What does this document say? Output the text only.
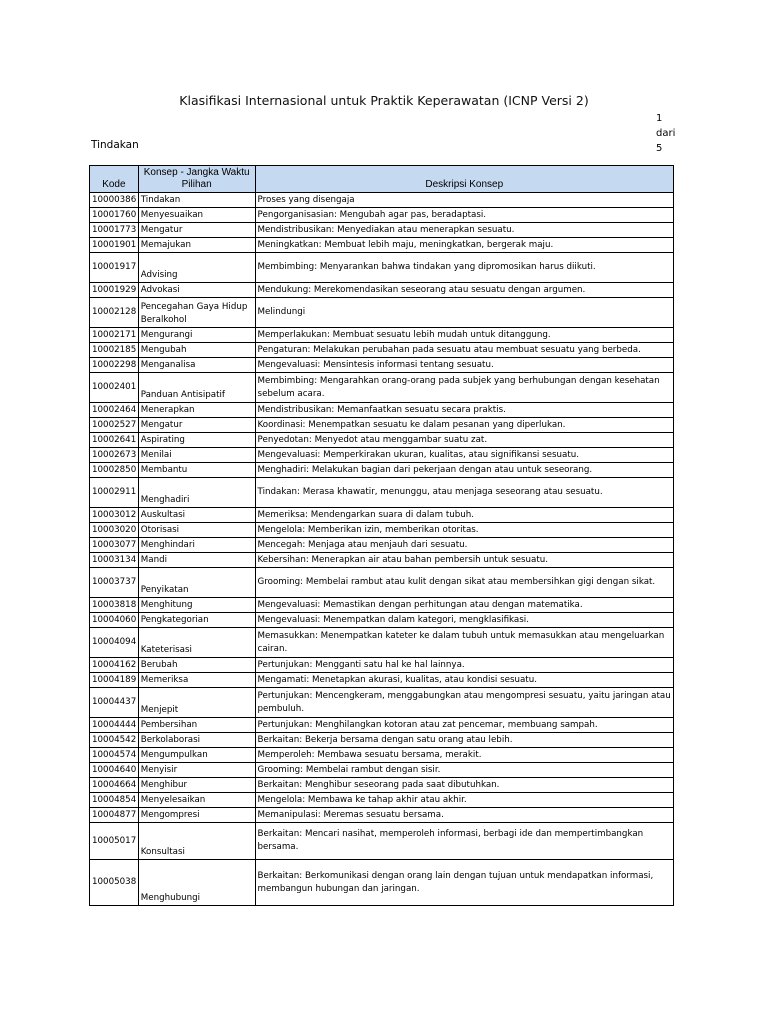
Klasifikasi Internasional untuk Praktik Keperawatan (ICNP Versi 2)
1
dari
5
Tindakan
Kode	Konsep - Jangka Waktu Pilihan	Deskripsi Konsep
10000386	Tindakan	Proses yang disengaja
10001760	Menyesuaikan	Pengorganisasian: Mengubah agar pas, beradaptasi.
10001773	Mengatur	Mendistribusikan: Menyediakan atau menerapkan sesuatu.
10001901	Memajukan	Meningkatkan: Membuat lebih maju, meningkatkan, bergerak maju.
10001917	Advising	Membimbing: Menyarankan bahwa tindakan yang dipromosikan harus diikuti.
10001929	Advokasi	Mendukung: Merekomendasikan seseorang atau sesuatu dengan argumen.
10002128	Pencegahan Gaya Hidup Beralkohol	Melindungi
10002171	Mengurangi	Memperlakukan: Membuat sesuatu lebih mudah untuk ditanggung.
10002185	Mengubah	Pengaturan: Melakukan perubahan pada sesuatu atau membuat sesuatu yang berbeda.
10002298	Menganalisa	Mengevaluasi: Mensintesis informasi tentang sesuatu.
10002401	Panduan Antisipatif	Membimbing: Mengarahkan orang-orang pada subjek yang berhubungan dengan kesehatan sebelum acara.
10002464	Menerapkan	Mendistribusikan: Memanfaatkan sesuatu secara praktis.
10002527	Mengatur	Koordinasi: Menempatkan sesuatu ke dalam pesanan yang diperlukan.
10002641	Aspirating	Penyedotan: Menyedot atau menggambar suatu zat.
10002673	Menilai	Mengevaluasi: Memperkirakan ukuran, kualitas, atau signifikansi sesuatu.
10002850	Membantu	Menghadiri: Melakukan bagian dari pekerjaan dengan atau untuk seseorang.
10002911	Menghadiri	Tindakan: Merasa khawatir, menunggu, atau menjaga seseorang atau sesuatu.
10003012	Auskultasi	Memeriksa: Mendengarkan suara di dalam tubuh.
10003020	Otorisasi	Mengelola: Memberikan izin, memberikan otoritas.
10003077	Menghindari	Mencegah: Menjaga atau menjauh dari sesuatu.
10003134	Mandi	Kebersihan: Menerapkan air atau bahan pembersih untuk sesuatu.
10003737	Penyikatan	Grooming: Membelai rambut atau kulit dengan sikat atau membersihkan gigi dengan sikat.
10003818	Menghitung	Mengevaluasi: Memastikan dengan perhitungan atau dengan matematika.
10004060	Pengkategorian	Mengevaluasi: Menempatkan dalam kategori, mengklasifikasi.
10004094	Kateterisasi	Memasukkan: Menempatkan kateter ke dalam tubuh untuk memasukkan atau mengeluarkan cairan.
10004162	Berubah	Pertunjukan: Mengganti satu hal ke hal lainnya.
10004189	Memeriksa	Mengamati: Menetapkan akurasi, kualitas, atau kondisi sesuatu.
10004437	Menjepit	Pertunjukan: Mencengkeram, menggabungkan atau mengompresi sesuatu, yaitu jaringan atau pembuluh.
10004444	Pembersihan	Pertunjukan: Menghilangkan kotoran atau zat pencemar, membuang sampah.
10004542	Berkolaborasi	Berkaitan: Bekerja bersama dengan satu orang atau lebih.
10004574	Mengumpulkan	Memperoleh: Membawa sesuatu bersama, merakit.
10004640	Menyisir	Grooming: Membelai rambut dengan sisir.
10004664	Menghibur	Berkaitan: Menghibur seseorang pada saat dibutuhkan.
10004854	Menyelesaikan	Mengelola: Membawa ke tahap akhir atau akhir.
10004877	Mengompresi	Memanipulasi: Meremas sesuatu bersama.
10005017	Konsultasi	Berkaitan: Mencari nasihat, memperoleh informasi, berbagi ide dan mempertimbangkan bersama.
10005038	Menghubungi	Berkaitan: Berkomunikasi dengan orang lain dengan tujuan untuk mendapatkan informasi,
membangun hubungan dan jaringan.
